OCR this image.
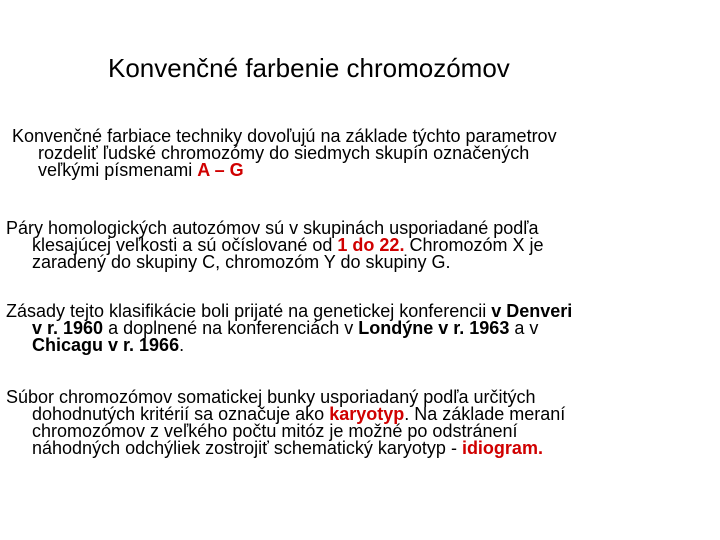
Konvenčné farbenie chromozómov
Konvenčné farbiace techniky dovoľujú na základe týchto parametrov
rozdeliť ľudské chromozómy do siedmych skupín označených
veľkými písmenami A – G
Páry homologických autozómov sú v skupinách usporiadané podľa
klesajúcej veľkosti a sú očíslované od 1 do 22. Chromozóm X je
zaradený do skupiny C, chromozóm Y do skupiny G.
Zásady tejto klasifikácie boli prijaté na genetickej konferencii v Denveri
v r. 1960 a doplnené na konferenciách v Londýne v r. 1963 a v
Chicagu v r. 1966.
Súbor chromozómov somatickej bunky usporiadaný podľa určitých
dohodnutých kritérií sa označuje ako karyotyp. Na základe meraní
chromozómov z veľkého počtu mitóz je možné po odstránení
náhodných odchýliek zostrojiť schematický karyotyp - idiogram.
